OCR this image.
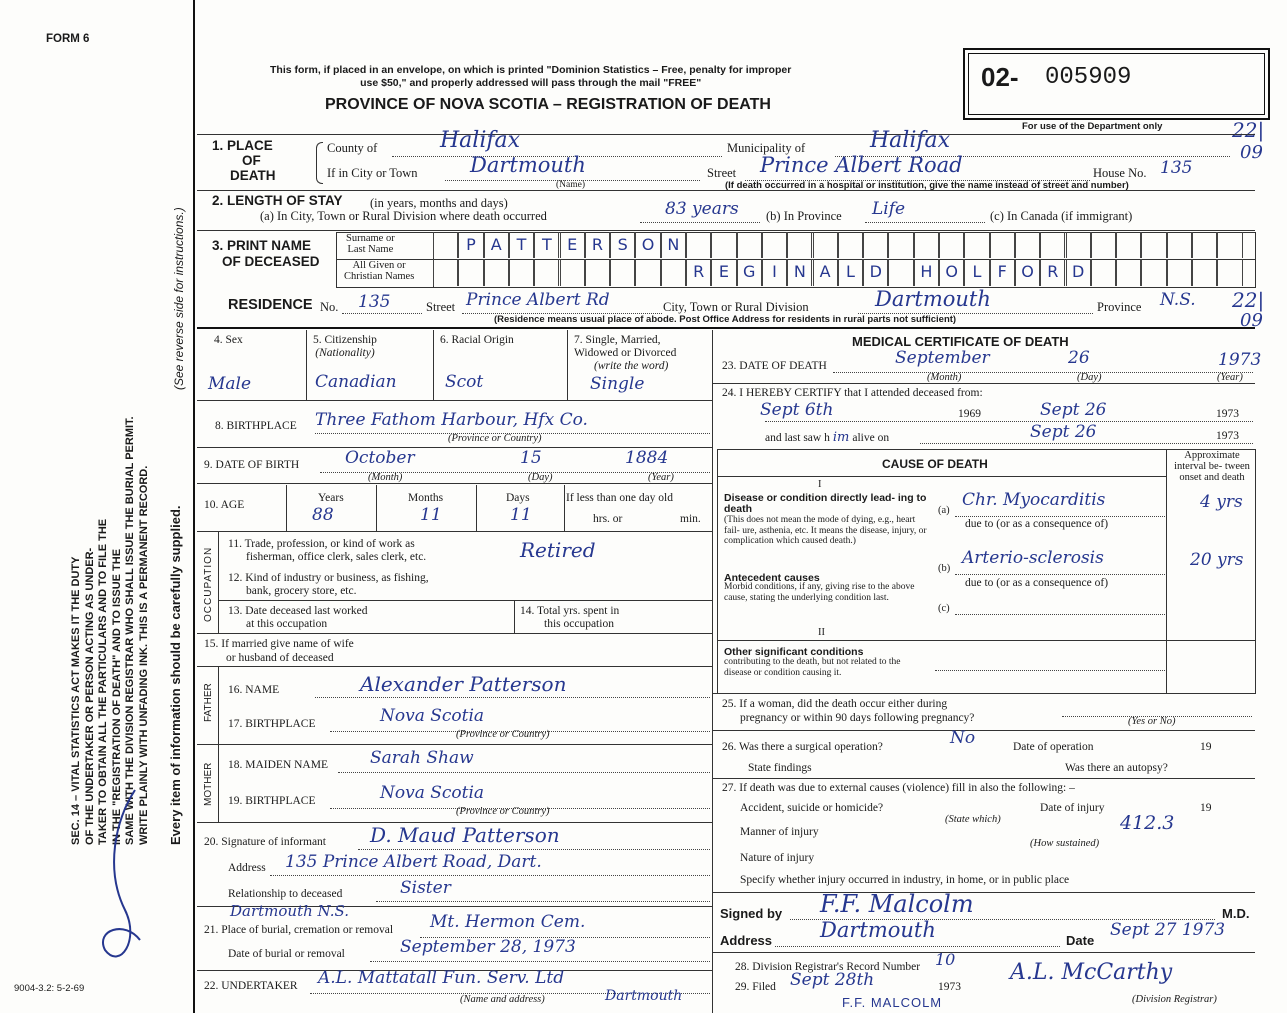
FORM 6
9004-3.2: 5-2-69
SEC. 14 – VITAL STATISTICS ACT MAKES IT THE DUTY OF THE UNDERTAKER OR PERSON ACTING AS UNDER- TAKER TO OBTAIN ALL THE PARTICULARS AND TO FILE THE IN THE "REGISTRATION OF DEATH" AND TO ISSUE THE SAME WITH THE DIVISION REGISTRAR WHO SHALL ISSUE THE BURIAL PERMIT. WRITE PLAINLY WITH UNFADING INK. THIS IS A PERMANENT RECORD. Every item of information should be carefully supplied.
(See reverse side for instructions.)
This form, if placed in an envelope, on which is printed "Dominion Statistics – Free, penalty for improper
use $50," and properly addressed will pass through the mail "FREE"
PROVINCE OF NOVA SCOTIA – REGISTRATION OF DEATH
02- 005909
For use of the Department only	22|
09
22|
09
1. PLACE
OF
DEATH
County of	Halifax	Municipality of	Halifax
If in City or Town Dartmouth
(Name)
Street Prince Albert Road	House No. 135
(If death occurred in a hospital or institution, give the name instead of street and number)
2. LENGTH OF STAY (in years, months and days)
(a) In City, Town or Rural Division where death occurred	83 years (b) In Province Life	(c) In Canada (if immigrant)
3. PRINT NAME
OF DECEASED
Surname or
Last Name
All Given or
Christian Names
P A T T E R S O N
R E G	I	N A L D	H O L	F O R D
RESIDENCE No. 135	Street Prince Albert Rd	City, Town or Rural Division	Dartmouth	Province N.S.
(Residence means usual place of abode. Post Office Address for residents in rural parts not sufficient)
4. Sex	5. Citizenship
(Nationality)
6. Racial Origin	7. Single, Married,
Widowed or Divorced
(write the word)
Male	Canadian	Scot	Single
8. BIRTHPLACE Three Fathom Harbour, Hfx Co.
(Province or Country)
9. DATE OF BIRTH	October	15	1884
(Month)	(Day)	(Year)
10. AGE
Years	Months	Days	If less than one day old
hrs. or	min.
88	11	11
OCCUPATION
11. Trade, profession, or kind of work as
fisherman, office clerk, sales clerk, etc.	Retired
12. Kind of industry or business, as fishing,
bank, grocery store, etc.
13. Date deceased last worked
at this occupation
14. Total yrs. spent in
this occupation
15. If married give name of wife
or husband of deceased
FATHER
MOTHER
16. NAME	Alexander Patterson
17. BIRTHPLACE	Nova Scotia
(Province or Country)
18. MAIDEN NAME Sarah Shaw
19. BIRTHPLACE	Nova Scotia
(Province or Country)
20. Signature of informant D. Maud Patterson
Address 135 Prince Albert Road, Dart.
Relationship to deceased	Sister
Dartmouth N.S.
21. Place of burial, cremation or removal Mt. Hermon Cem.
Date of burial or removal	September 28, 1973
22. UNDERTAKER A.L. Mattatall Fun. Serv. Ltd
Dartmouth
(Name and address)
MEDICAL CERTIFICATE OF DEATH
23. DATE OF DEATH	September	26	1973
(Month)	(Day)	(Year)
24. I HEREBY CERTIFY that I attended deceased from:
Sept 6th	1969	Sept 26	1973
and last saw h im alive on	Sept 26	1973
CAUSE OF DEATH
Approximate interval be- tween onset and death
I
Disease or condition directly lead- ing to death
(This does not mean the mode of dying, e.g., heart fail- ure, asthenia, etc. It means the disease, injury, or complication which caused death.)
Antecedent causes
Morbid conditions, if any, giving rise to the above cause, stating the underlying condition last.
(a)
Chr. Myocarditis	4 yrs
due to (or as a consequence of)
(b)
Arterio-sclerosis	20 yrs
due to (or as a consequence of)
(c)
II
Other significant conditions
contributing to the death, but not related to the disease or condition causing it.
25. If a woman, did the death occur either during
pregnancy or within 90 days following pregnancy?	(Yes or No)
26. Was there a surgical operation?	No	Date of operation	19
State findings	Was there an autopsy?
27. If death was due to external causes (violence) fill in also the following: –
Accident, suicide or homicide?	Date of injury	19
(State which)	412.3
Manner of injury
(How sustained)
Nature of injury
Specify whether injury occurred in industry, in home, or in public place
Signed by F.F. Malcolm	M.D.
Address Dartmouth	Date
Sept 27 1973
28. Division Registrar's Record Number 10
29. Filed Sept 28th	1973
A.L. McCarthy
(Division Registrar)
F.F. MALCOLM
